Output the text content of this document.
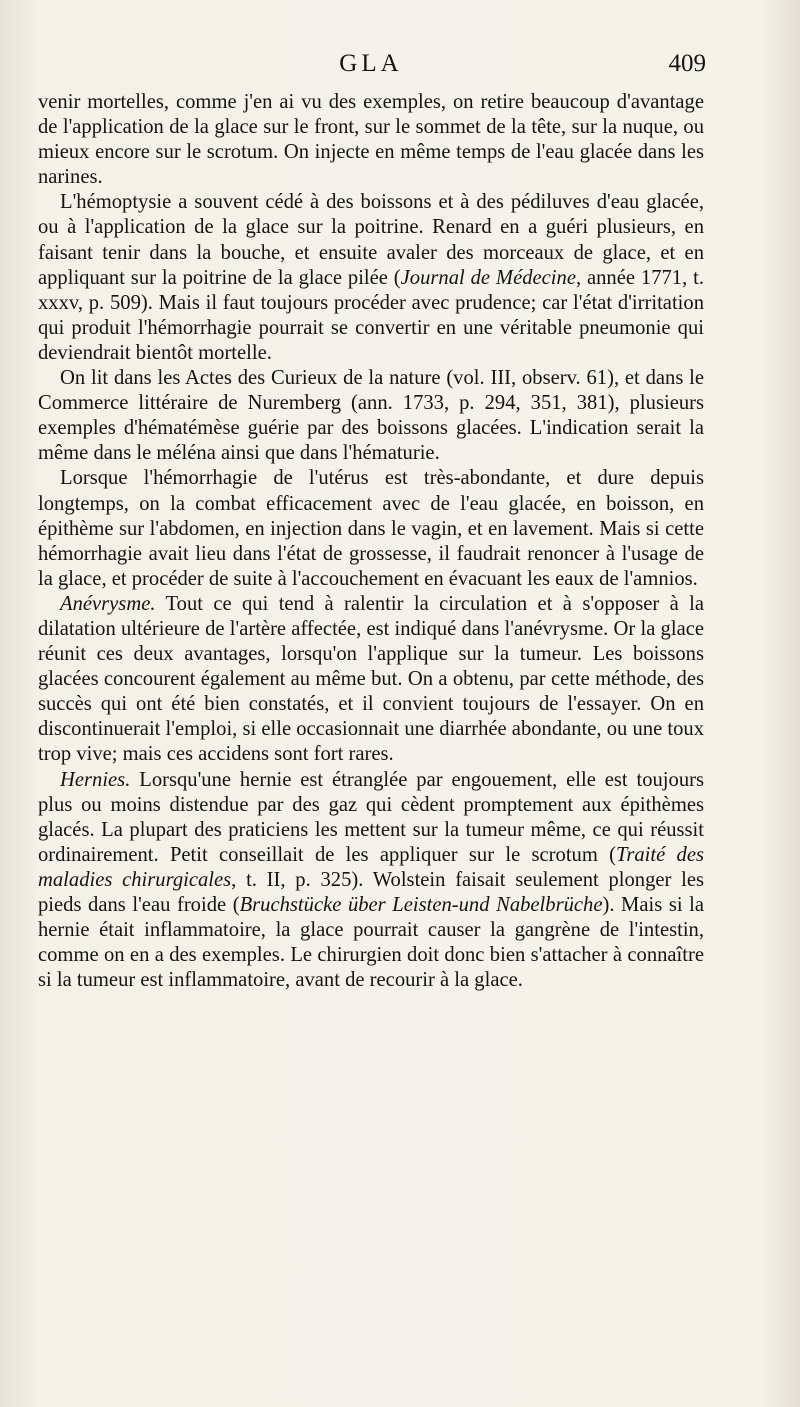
GLA	409

venir mortelles, comme j'en ai vu des exemples, on retire beaucoup d'avantage de l'application de la glace sur le front, sur le sommet de la tête, sur la nuque, ou mieux encore sur le scrotum. On injecte en même temps de l'eau glacée dans les narines.

L'hémoptysie a souvent cédé à des boissons et à des pédiluves d'eau glacée, ou à l'application de la glace sur la poitrine. Renard en a guéri plusieurs, en faisant tenir dans la bouche, et ensuite avaler des morceaux de glace, et en appliquant sur la poitrine de la glace pilée (Journal de Médecine, année 1771, t. xxxv, p. 509). Mais il faut toujours procéder avec prudence; car l'état d'irritation qui produit l'hémorrhagie pourrait se convertir en une véritable pneumonie qui deviendrait bientôt mortelle.

On lit dans les Actes des Curieux de la nature (vol. III, observ. 61), et dans le Commerce littéraire de Nuremberg (ann. 1733, p. 294, 351, 381), plusieurs exemples d'hématémèse guérie par des boissons glacées. L'indication serait la même dans le méléna ainsi que dans l'hématurie.

Lorsque l'hémorrhagie de l'utérus est très-abondante, et dure depuis longtemps, on la combat efficacement avec de l'eau glacée, en boisson, en épithème sur l'abdomen, en injection dans le vagin, et en lavement. Mais si cette hémorrhagie avait lieu dans l'état de grossesse, il faudrait renoncer à l'usage de la glace, et procéder de suite à l'accouchement en évacuant les eaux de l'amnios.

Anévrysme. Tout ce qui tend à ralentir la circulation et à s'opposer à la dilatation ultérieure de l'artère affectée, est indiqué dans l'anévrysme. Or la glace réunit ces deux avantages, lorsqu'on l'applique sur la tumeur. Les boissons glacées concourent également au même but. On a obtenu, par cette méthode, des succès qui ont été bien constatés, et il convient toujours de l'essayer. On en discontinuerait l'emploi, si elle occasionnait une diarrhée abondante, ou une toux trop vive; mais ces accidens sont fort rares.

Hernies. Lorsqu'une hernie est étranglée par engouement, elle est toujours plus ou moins distendue par des gaz qui cèdent promptement aux épithèmes glacés. La plupart des praticiens les mettent sur la tumeur même, ce qui réussit ordinairement. Petit conseillait de les appliquer sur le scrotum (Traité des maladies chirurgicales, t. II, p. 325). Wolstein faisait seulement plonger les pieds dans l'eau froide (Bruchstücke über Leisten-und Nabelbrüche). Mais si la hernie était inflammatoire, la glace pourrait causer la gangrène de l'intestin, comme on en a des exemples. Le chirurgien doit donc bien s'attacher à connaître si la tumeur est inflammatoire, avant de recourir à la glace.
